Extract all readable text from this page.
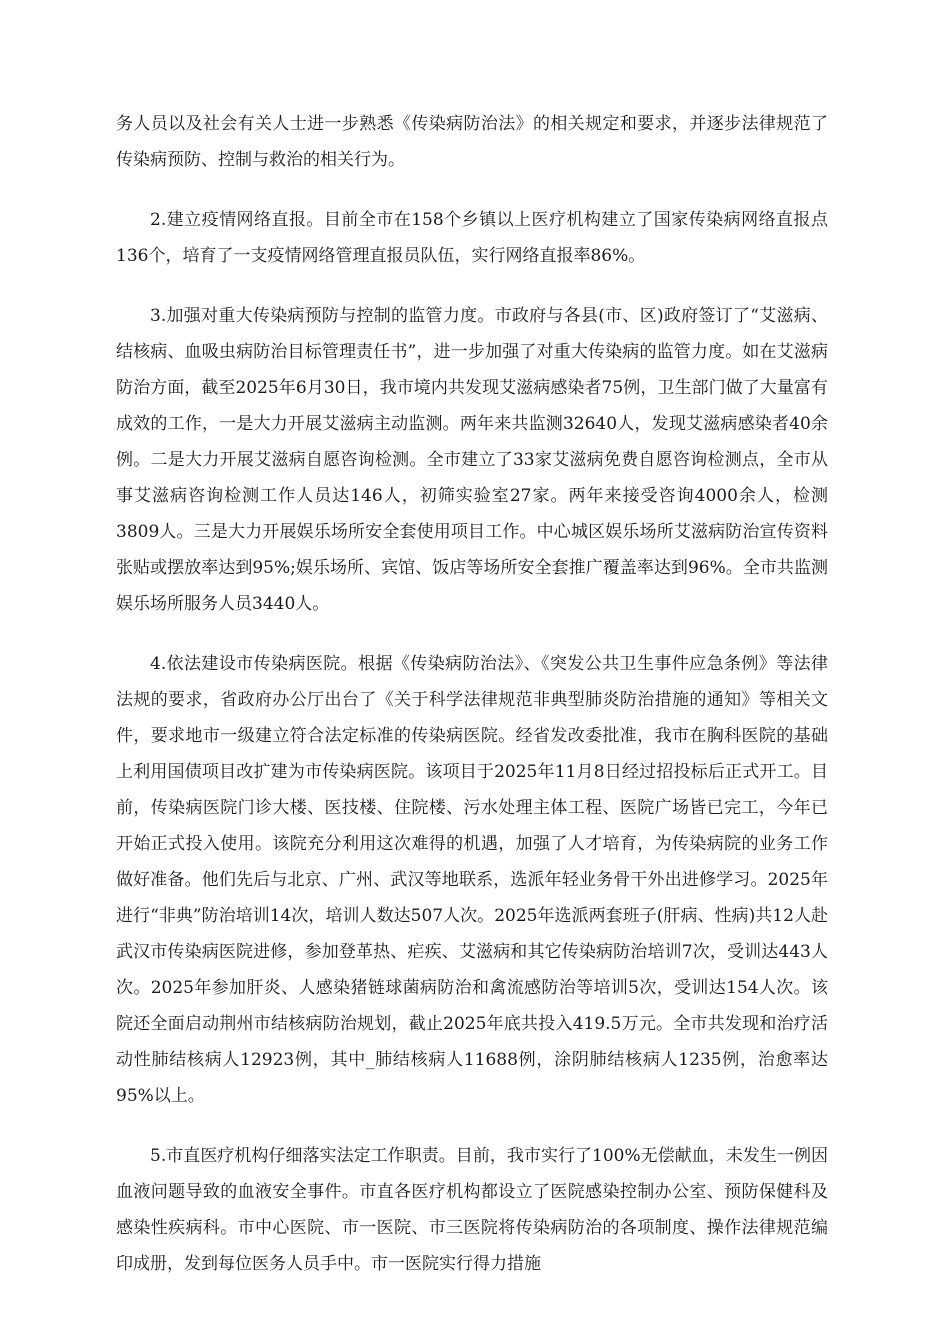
务人员以及社会有关人士进一步熟悉《传染病防治法》的相关规定和要求，并逐步法律规范了传染病预防、控制与救治的相关行为。

2.建立疫情网络直报。目前全市在158个乡镇以上医疗机构建立了国家传染病网络直报点136个，培育了一支疫情网络管理直报员队伍，实行网络直报率86%。

3.加强对重大传染病预防与控制的监管力度。市政府与各县(市、区)政府签订了“艾滋病、结核病、血吸虫病防治目标管理责任书”，进一步加强了对重大传染病的监管力度。如在艾滋病防治方面，截至2025年6月30日，我市境内共发现艾滋病感染者75例，卫生部门做了大量富有成效的工作，一是大力开展艾滋病主动监测。两年来共监测32640人，发现艾滋病感染者40余例。二是大力开展艾滋病自愿咨询检测。全市建立了33家艾滋病免费自愿咨询检测点，全市从事艾滋病咨询检测工作人员达146人，初筛实验室27家。两年来接受咨询4000余人，检测3809人。三是大力开展娱乐场所安全套使用项目工作。中心城区娱乐场所艾滋病防治宣传资料张贴或摆放率达到95%;娱乐场所、宾馆、饭店等场所安全套推广覆盖率达到96%。全市共监测娱乐场所服务人员3440人。

4.依法建设市传染病医院。根据《传染病防治法》、《突发公共卫生事件应急条例》等法律法规的要求，省政府办公厅出台了《关于科学法律规范非典型肺炎防治措施的通知》等相关文件，要求地市一级建立符合法定标准的传染病医院。经省发改委批准，我市在胸科医院的基础上利用国债项目改扩建为市传染病医院。该项目于2025年11月8日经过招投标后正式开工。目前，传染病医院门诊大楼、医技楼、住院楼、污水处理主体工程、医院广场皆已完工，今年已开始正式投入使用。该院充分利用这次难得的机遇，加强了人才培育，为传染病院的业务工作做好准备。他们先后与北京、广州、武汉等地联系，选派年轻业务骨干外出进修学习。2025年进行“非典”防治培训14次，培训人数达507人次。2025年选派两套班子(肝病、性病)共12人赴武汉市传染病医院进修，参加登革热、疟疾、艾滋病和其它传染病防治培训7次，受训达443人次。2025年参加肝炎、人感染猪链球菌病防治和禽流感防治等培训5次，受训达154人次。该院还全面启动荆州市结核病防治规划，截止2025年底共投入419.5万元。全市共发现和治疗活动性肺结核病人12923例，其中_肺结核病人11688例，涂阴肺结核病人1235例，治愈率达95%以上。

5.市直医疗机构仔细落实法定工作职责。目前，我市实行了100%无偿献血，未发生一例因血液问题导致的血液安全事件。市直各医疗机构都设立了医院感染控制办公室、预防保健科及感染性疾病科。市中心医院、市一医院、市三医院将传染病防治的各项制度、操作法律规范编印成册，发到每位医务人员手中。市一医院实行得力措施
